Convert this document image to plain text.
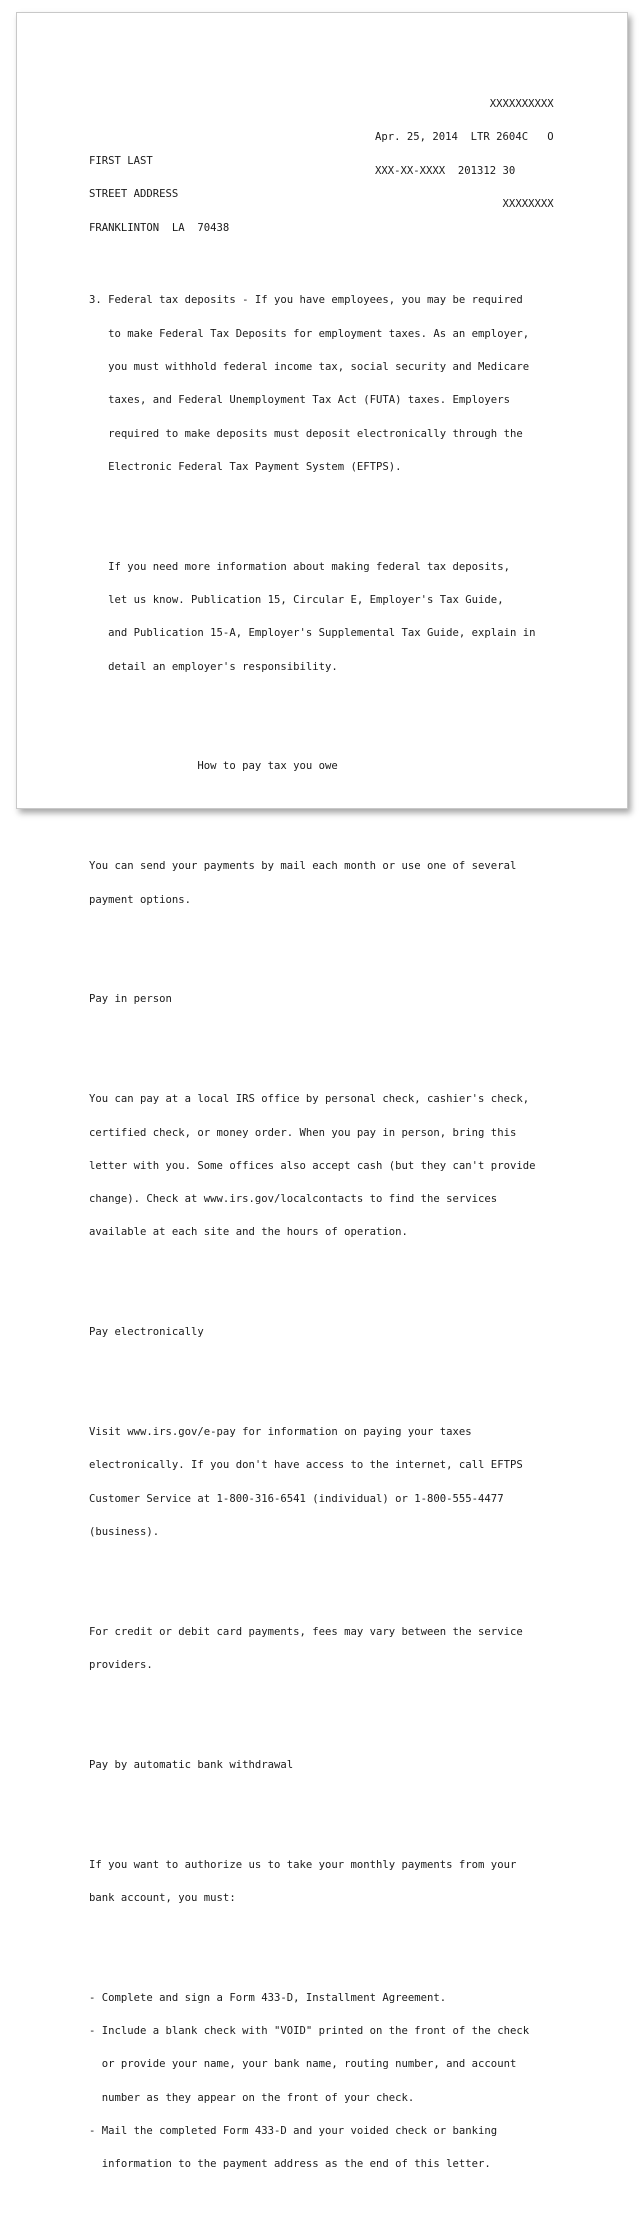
XXXXXXXXXX

Apr. 25, 2014  LTR 2604C   O

XXX-XX-XXXX  201312 30

XXXXXXXX

FIRST LAST

STREET ADDRESS

FRANKLINTON  LA  70438

3. Federal tax deposits - If you have employees, you may be required

to make Federal Tax Deposits for employment taxes. As an employer,

you must withhold federal income tax, social security and Medicare

taxes, and Federal Unemployment Tax Act (FUTA) taxes. Employers

required to make deposits must deposit electronically through the

Electronic Federal Tax Payment System (EFTPS).

If you need more information about making federal tax deposits,

let us know. Publication 15, Circular E, Employer's Tax Guide,

and Publication 15-A, Employer's Supplemental Tax Guide, explain in

detail an employer's responsibility.

How to pay tax you owe

You can send your payments by mail each month or use one of several

payment options.

Pay in person

You can pay at a local IRS office by personal check, cashier's check,

certified check, or money order. When you pay in person, bring this

letter with you. Some offices also accept cash (but they can't provide

change). Check at www.irs.gov/localcontacts to find the services

available at each site and the hours of operation.

Pay electronically

Visit www.irs.gov/e-pay for information on paying your taxes

electronically. If you don't have access to the internet, call EFTPS

Customer Service at 1-800-316-6541 (individual) or 1-800-555-4477

(business).

For credit or debit card payments, fees may vary between the service

providers.

Pay by automatic bank withdrawal

If you want to authorize us to take your monthly payments from your

bank account, you must:

- Complete and sign a Form 433-D, Installment Agreement.

- Include a blank check with "VOID" printed on the front of the check

or provide your name, your bank name, routing number, and account

number as they appear on the front of your check.

- Mail the completed Form 433-D and your voided check or banking

information to the payment address as the end of this letter.
